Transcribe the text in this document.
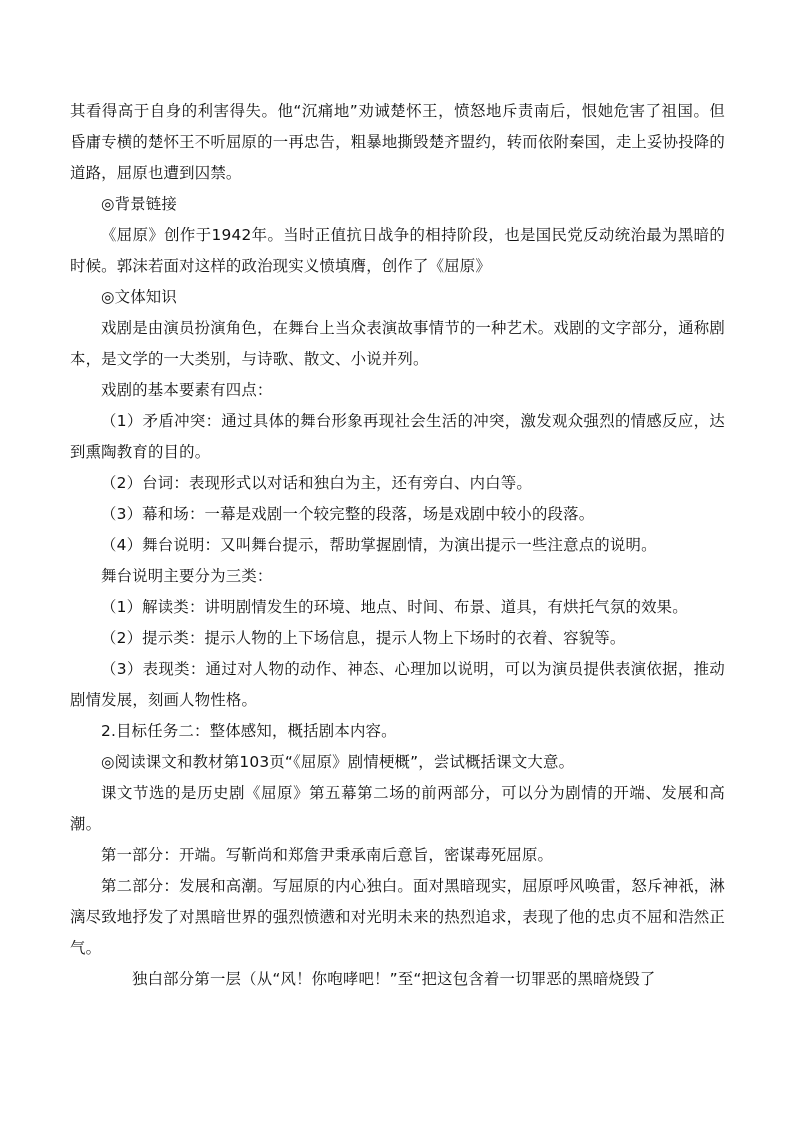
其看得高于自身的利害得失。他“沉痛地”劝诫楚怀王，愤怒地斥责南后，恨她危害了祖国。但昏庸专横的楚怀王不听屈原的一再忠告，粗暴地撕毁楚齐盟约，转而依附秦国，走上妥协投降的道路，屈原也遭到囚禁。

◎背景链接

《屈原》创作于1942年。当时正值抗日战争的相持阶段，也是国民党反动统治最为黑暗的时候。郭沫若面对这样的政治现实义愤填膺，创作了《屈原》

◎文体知识

戏剧是由演员扮演角色，在舞台上当众表演故事情节的一种艺术。戏剧的文字部分，通称剧本，是文学的一大类别，与诗歌、散文、小说并列。

戏剧的基本要素有四点：

（1）矛盾冲突：通过具体的舞台形象再现社会生活的冲突，激发观众强烈的情感反应，达到熏陶教育的目的。

（2）台词：表现形式以对话和独白为主，还有旁白、内白等。

（3）幕和场：一幕是戏剧一个较完整的段落，场是戏剧中较小的段落。

（4）舞台说明：又叫舞台提示，帮助掌握剧情，为演出提示一些注意点的说明。

舞台说明主要分为三类：

（1）解读类：讲明剧情发生的环境、地点、时间、布景、道具，有烘托气氛的效果。

（2）提示类：提示人物的上下场信息，提示人物上下场时的衣着、容貌等。

（3）表现类：通过对人物的动作、神态、心理加以说明，可以为演员提供表演依据，推动剧情发展，刻画人物性格。

2.目标任务二：整体感知，概括剧本内容。

◎阅读课文和教材第103页“《屈原》剧情梗概”，尝试概括课文大意。

课文节选的是历史剧《屈原》第五幕第二场的前两部分，可以分为剧情的开端、发展和高潮。

第一部分：开端。写靳尚和郑詹尹秉承南后意旨，密谋毒死屈原。

第二部分：发展和高潮。写屈原的内心独白。面对黑暗现实，屈原呼风唤雷，怒斥神祇，淋漓尽致地抒发了对黑暗世界的强烈愤懑和对光明未来的热烈追求，表现了他的忠贞不屈和浩然正气。

独白部分第一层（从“风！你咆哮吧！”至“把这包含着一切罪恶的黑暗烧毁了
